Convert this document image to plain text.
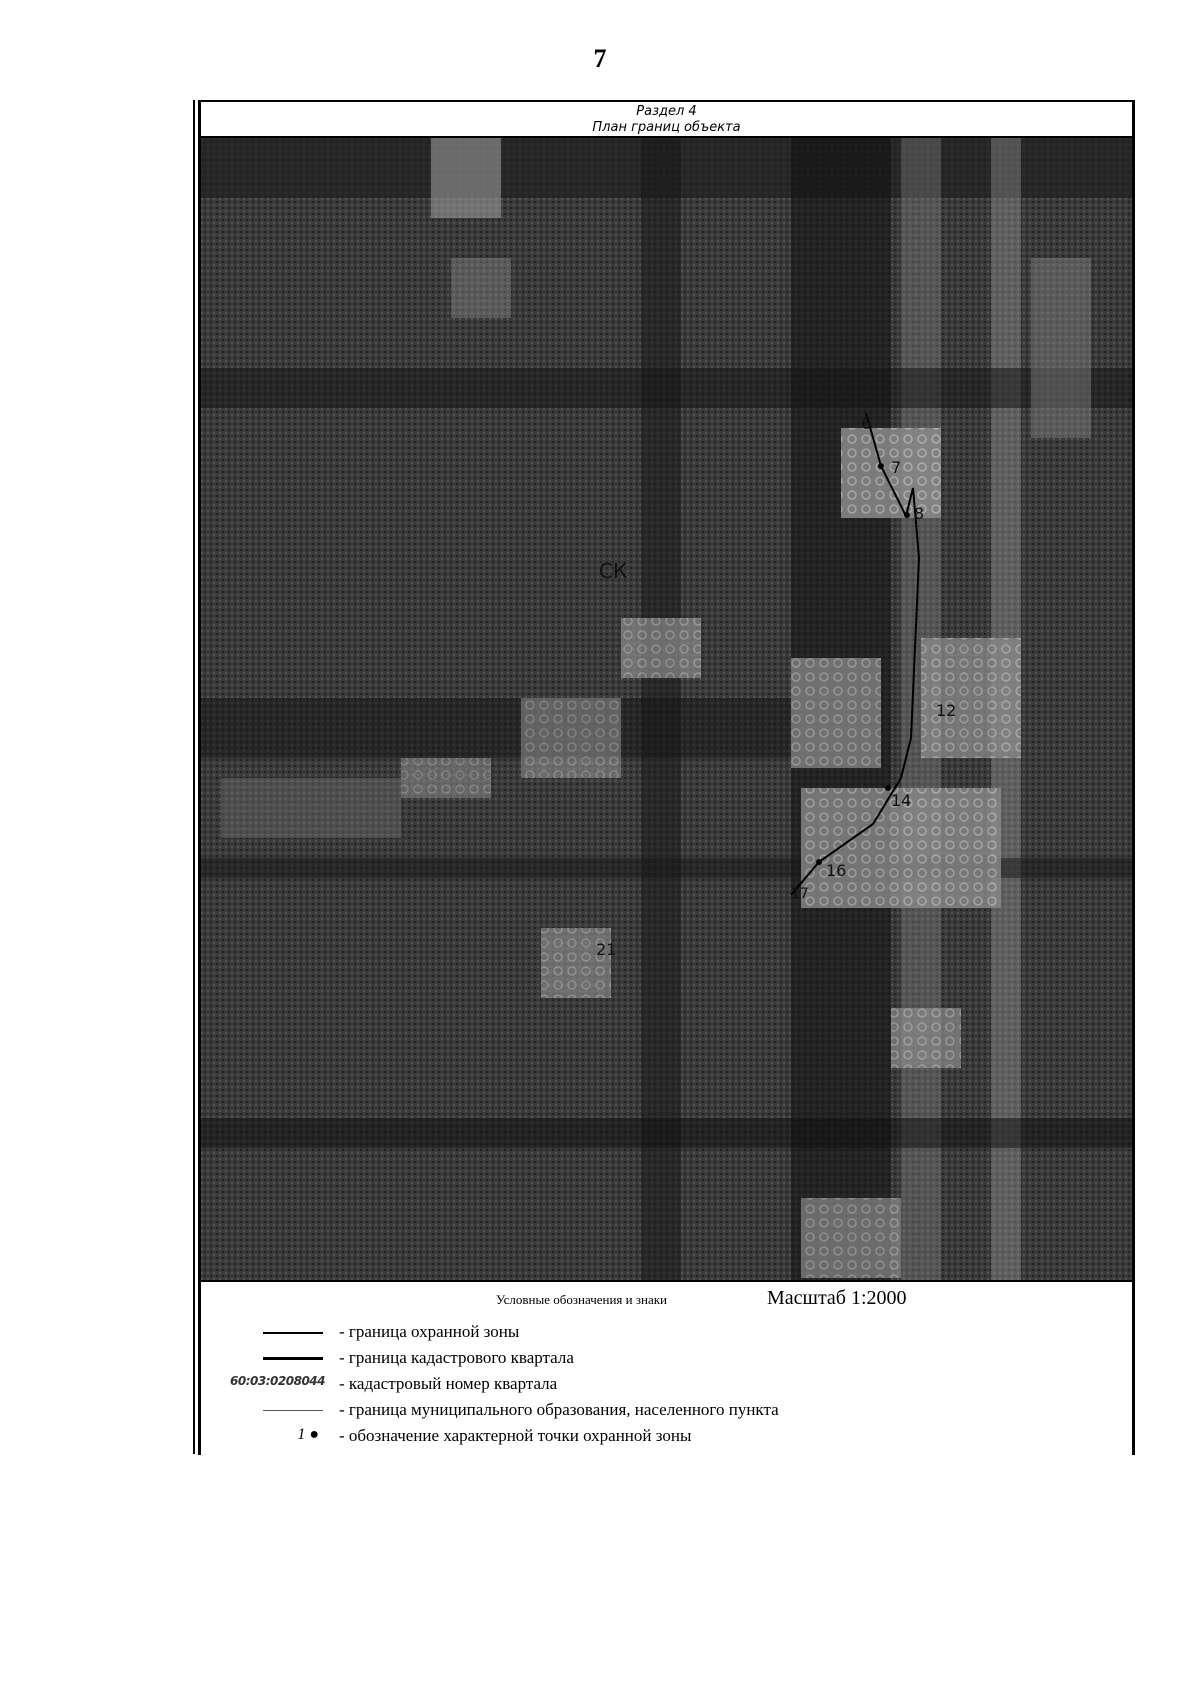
7
Раздел 4
План границ объекта
6
7
8
СК
12
14
16
17
21
Условные обозначения и знаки	Масштаб 1:2000
- граница охранной зоны
- граница кадастрового квартала
60:03:0208044 - кадастровый номер квартала
- граница муниципального образования, населенного пункта
1 ● - обозначение характерной точки охранной зоны
